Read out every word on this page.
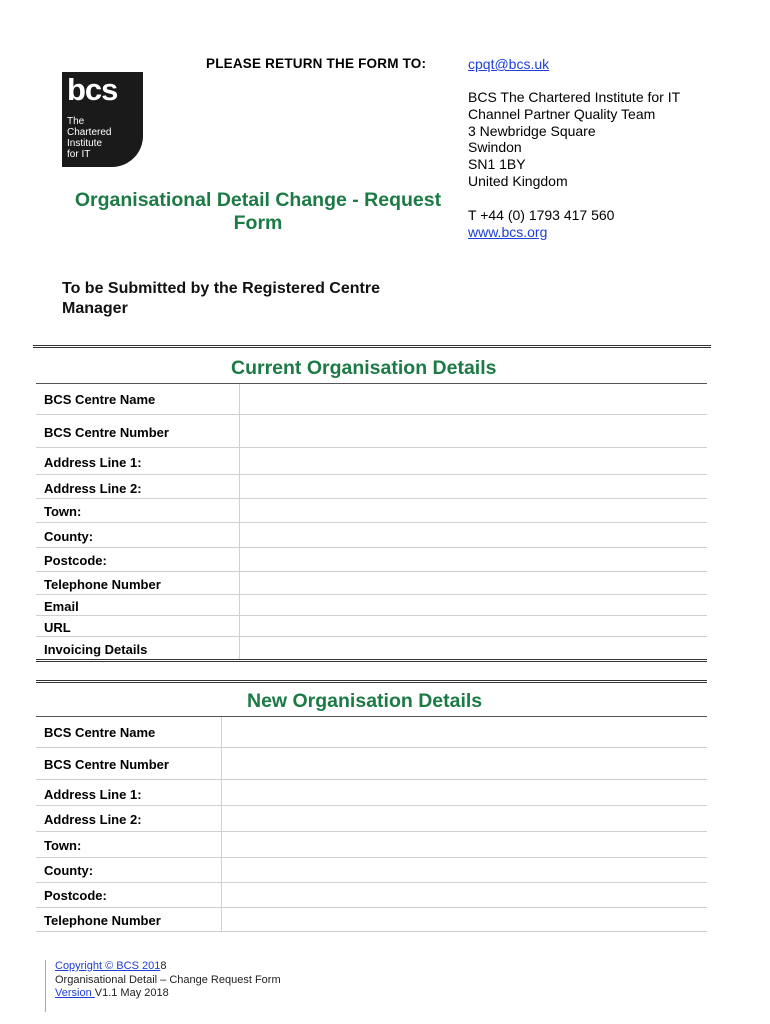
PLEASE RETURN THE FORM TO:	cpqt@bcs.uk
BCS The Chartered Institute for IT
Channel Partner Quality Team
3 Newbridge Square
Swindon
SN1 1BY
United Kingdom
T +44 (0) 1793 417 560
www.bcs.org
bcs
The Chartered Institute for IT
Organisational Detail Change - Request Form
To be Submitted by the Registered Centre Manager
Current Organisation Details
BCS Centre Name
BCS Centre Number
Address Line 1:
Address Line 2:
Town:
County:
Postcode:
Telephone Number
Email
URL
Invoicing Details
New Organisation Details
BCS Centre Name
BCS Centre Number
Address Line 1:
Address Line 2:
Town:
County:
Postcode:
Telephone Number
Copyright © BCS 2018
Organisational Detail – Change Request Form
Version V1.1 May 2018
